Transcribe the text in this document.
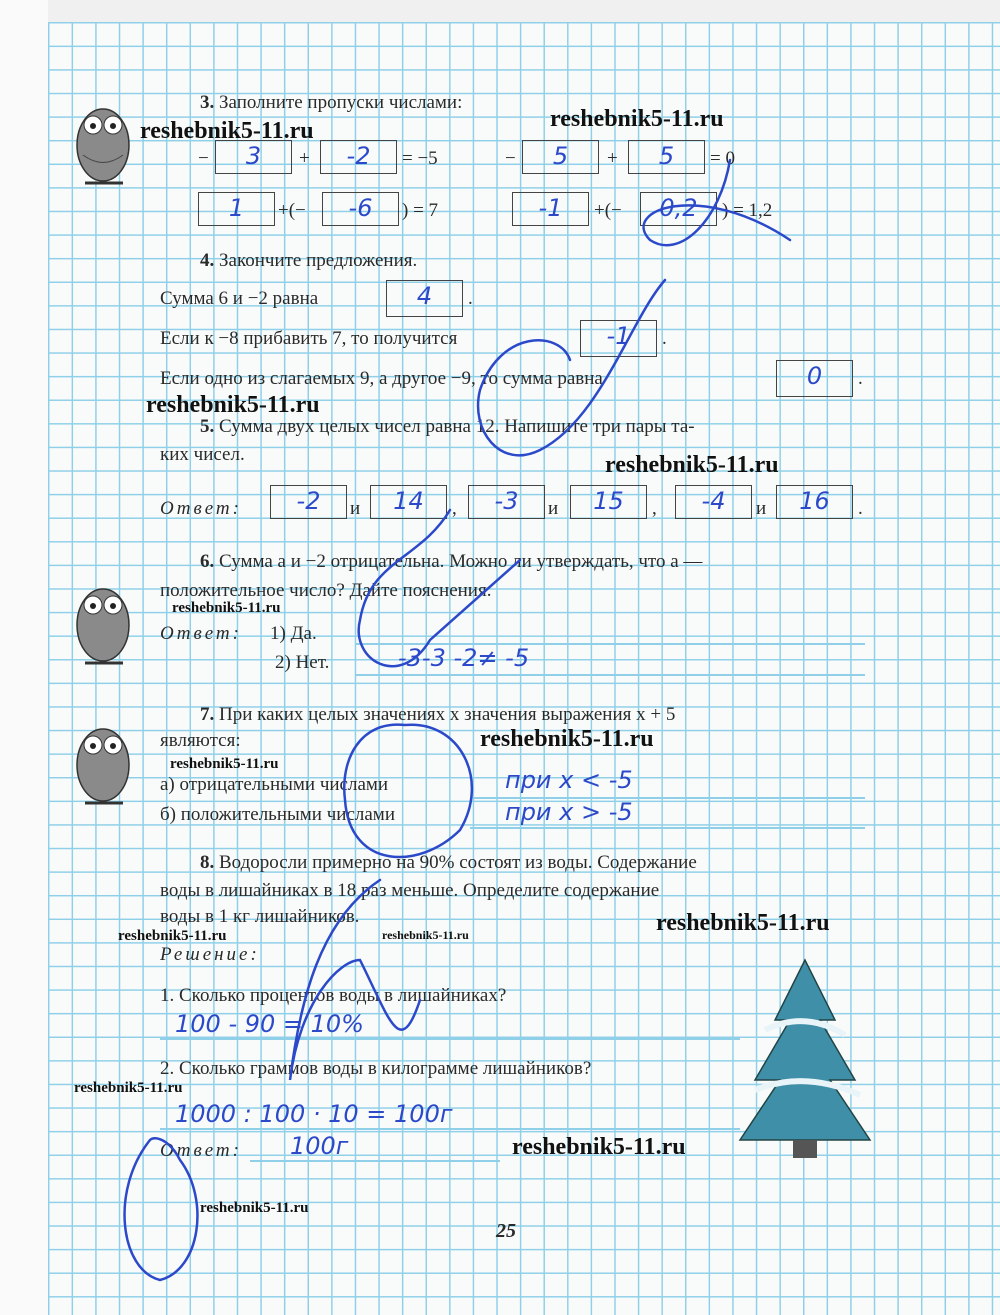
3. Заполните пропуски числами:
−	3	+	-2	= −5	−	5	+	5	= 0
1	+(−	-6	) = 7	-1	+(−	0,2	) = 1,2
4. Закончите предложения.
Сумма 6 и −2 равна	4	.
Если к −8 прибавить 7, то получится	-1	.
Если одно из слагаемых 9, а другое −9, то сумма равна	0	.
5. Сумма двух целых чисел равна 12. Напишите три пары та-
ких чисел.
Ответ:	-2	и	14	,	-3	и	15	,	-4	и	16	.
6. Сумма a и −2 отрицательна. Можно ли утверждать, что a —
положительное число? Дайте пояснения.
Ответ: 1) Да.
2) Нет.	-3-3 -2≠ -5
7. При каких целых значениях x значения выражения x + 5
являются:
а) отрицательными числами	при x < -5
б) положительными числами	при x > -5
8. Водоросли примерно на 90% состоят из воды. Содержание
воды в лишайниках в 18 раз меньше. Определите содержание
воды в 1 кг лишайников.
Решение:
1. Сколько процентов воды в лишайниках?
100 - 90 = 10%
2. Сколько граммов воды в килограмме лишайников?
1000 : 100 · 10 = 100г
Ответ: 100г
25
reshebnik5-11.ru	reshebnik5-11.ru
reshebnik5-11.ru
reshebnik5-11.ru
reshebnik5-11.ru
reshebnik5-11.ru
reshebnik5-11.ru
reshebnik5-11.ru
reshebnik5-11.ru	reshebnik5-11.ru
reshebnik5-11.ru
reshebnik5-11.ru
reshebnik5-11.ru
